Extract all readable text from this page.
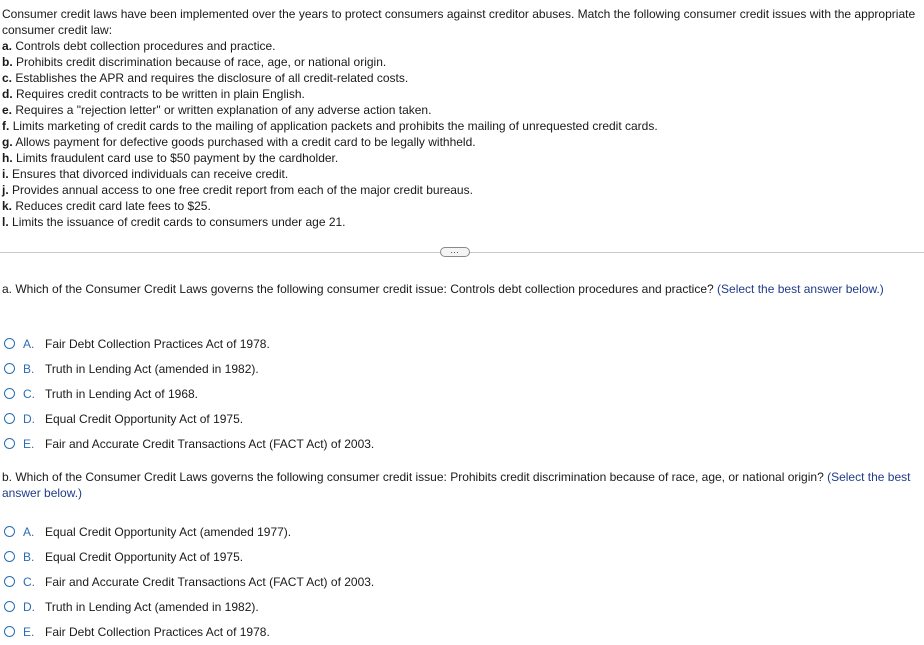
Consumer credit laws have been implemented over the years to protect consumers against creditor abuses. Match the following consumer credit issues with the appropriate consumer credit law:

a. Controls debt collection procedures and practice.
b. Prohibits credit discrimination because of race, age, or national origin.
c. Establishes the APR and requires the disclosure of all credit-related costs.
d. Requires credit contracts to be written in plain English.
e. Requires a "rejection letter" or written explanation of any adverse action taken.
f. Limits marketing of credit cards to the mailing of application packets and prohibits the mailing of unrequested credit cards.
g. Allows payment for defective goods purchased with a credit card to be legally withheld.
h. Limits fraudulent card use to $50 payment by the cardholder.
i. Ensures that divorced individuals can receive credit.
j. Provides annual access to one free credit report from each of the major credit bureaus.
k. Reduces credit card late fees to $25.
l. Limits the issuance of credit cards to consumers under age 21.
…

a. Which of the Consumer Credit Laws governs the following consumer credit issue: Controls debt collection procedures and practice? (Select the best answer below.)

A. Fair Debt Collection Practices Act of 1978.
B. Truth in Lending Act (amended in 1982).
C. Truth in Lending Act of 1968.
D. Equal Credit Opportunity Act of 1975.
E. Fair and Accurate Credit Transactions Act (FACT Act) of 2003.

b. Which of the Consumer Credit Laws governs the following consumer credit issue: Prohibits credit discrimination because of race, age, or national origin? (Select the best answer below.)

A. Equal Credit Opportunity Act (amended 1977).
B. Equal Credit Opportunity Act of 1975.
C. Fair and Accurate Credit Transactions Act (FACT Act) of 2003.
D. Truth in Lending Act (amended in 1982).
E. Fair Debt Collection Practices Act of 1978.
